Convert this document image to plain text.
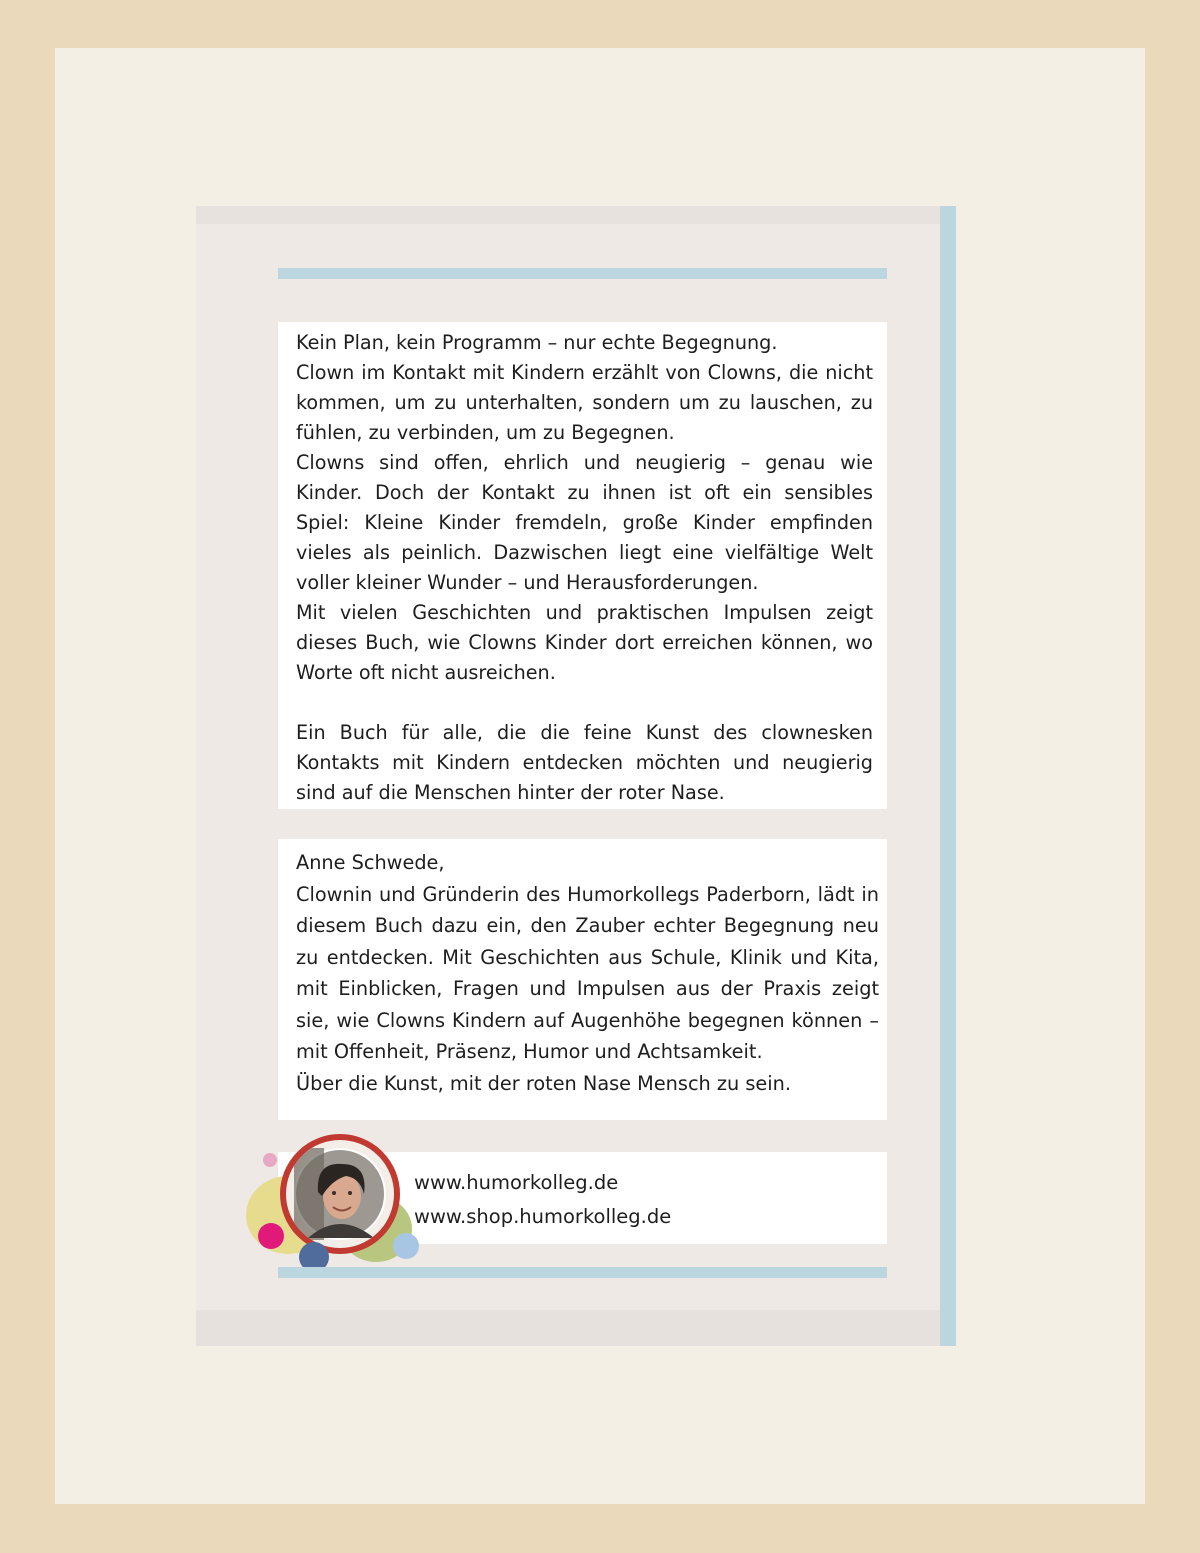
Kein Plan, kein Programm – nur echte Begegnung.

Clown im Kontakt mit Kindern erzählt von Clowns, die nicht kommen, um zu unterhalten, sondern um zu lauschen, zu fühlen, zu verbinden, um zu Begegnen.

Clowns sind offen, ehrlich und neugierig – genau wie Kinder. Doch der Kontakt zu ihnen ist oft ein sensibles Spiel: Kleine Kinder fremdeln, große Kinder empfinden vieles als peinlich. Dazwischen liegt eine vielfältige Welt voller kleiner Wunder – und Herausforderungen.

Mit vielen Geschichten und praktischen Impulsen zeigt dieses Buch, wie Clowns Kinder dort erreichen können, wo Worte oft nicht ausreichen.

Ein Buch für alle, die die feine Kunst des clownesken Kontakts mit Kindern entdecken möchten und neugierig sind auf die Menschen hinter der roter Nase.

Anne Schwede,

Clownin und Gründerin des Humorkollegs Paderborn, lädt in diesem Buch dazu ein, den Zauber echter Begegnung neu zu entdecken. Mit Geschichten aus Schule, Klinik und Kita, mit Einblicken, Fragen und Impulsen aus der Praxis zeigt sie, wie Clowns Kindern auf Augenhöhe begegnen können – mit Offenheit, Präsenz, Humor und Achtsamkeit.

Über die Kunst, mit der roten Nase Mensch zu sein.

www.humorkolleg.de
www.shop.humorkolleg.de
